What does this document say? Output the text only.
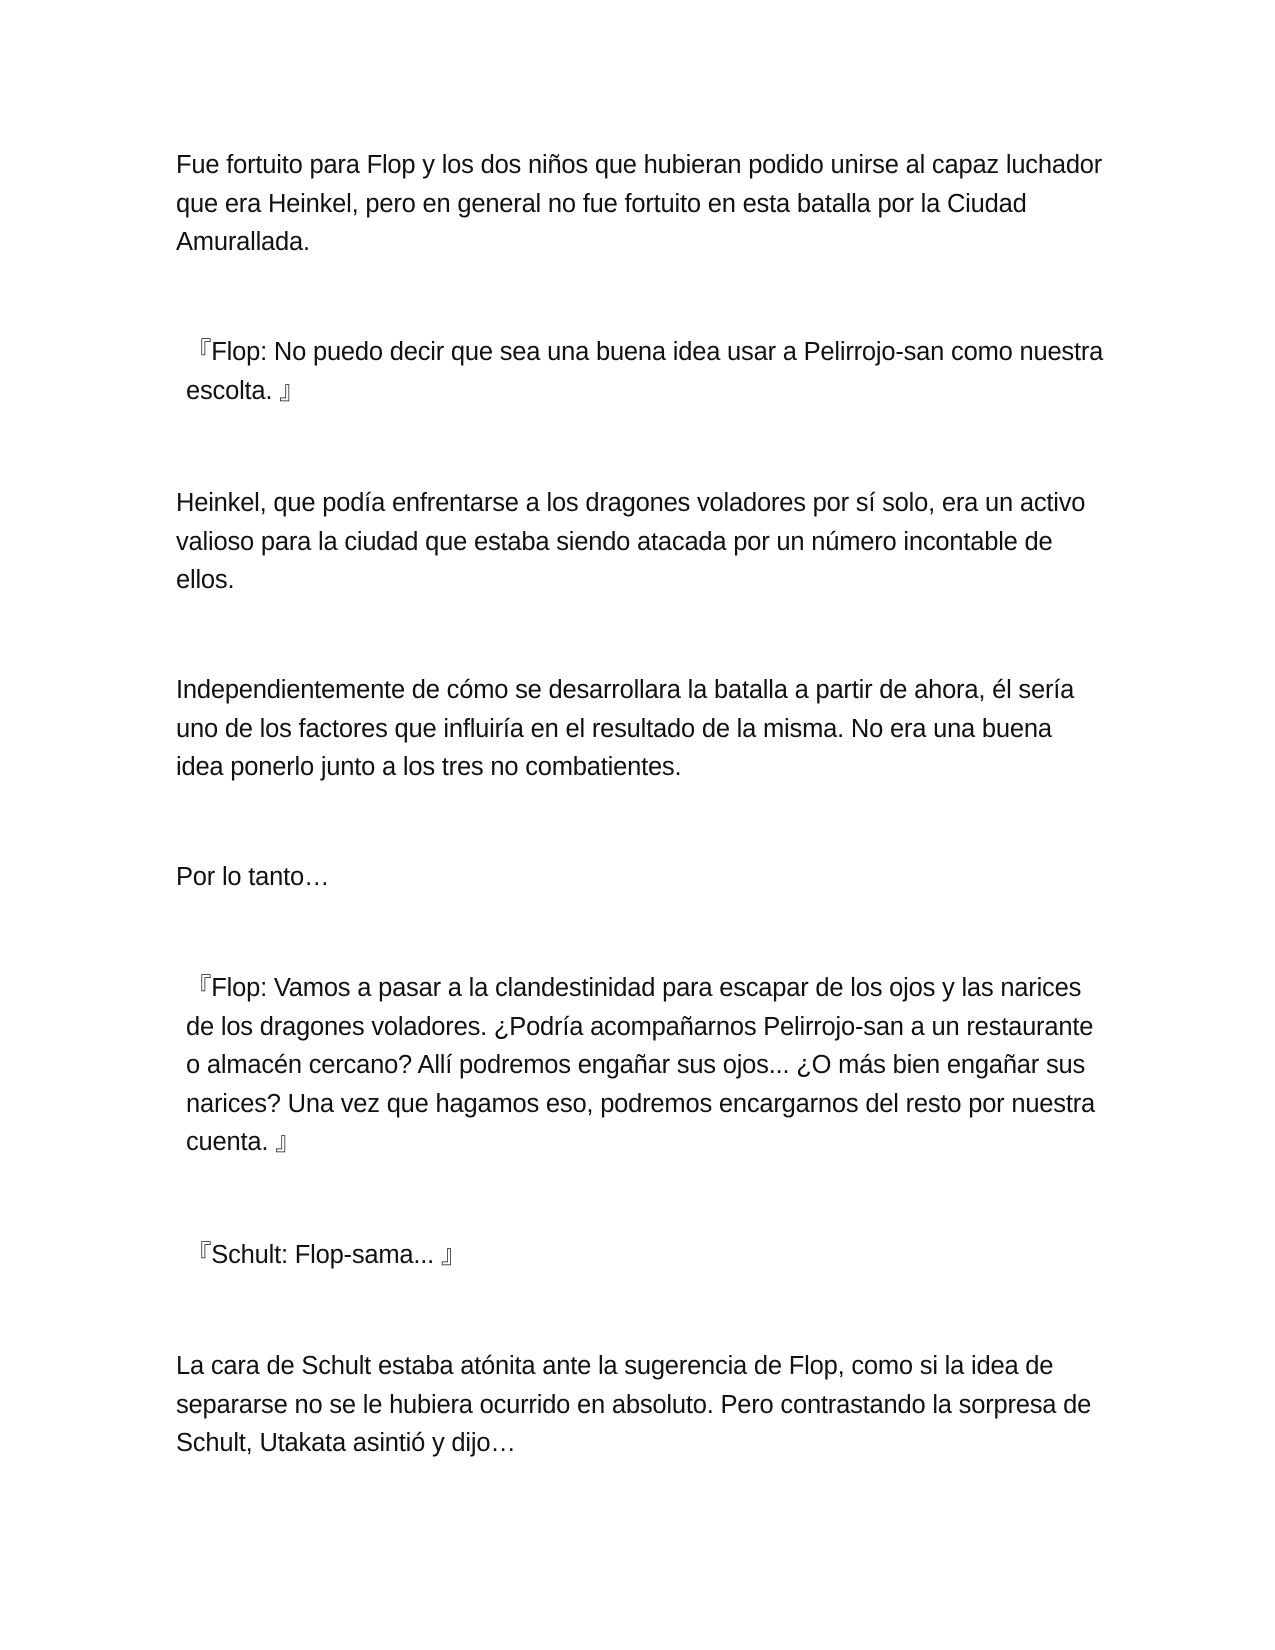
Fue fortuito para Flop y los dos niños que hubieran podido unirse al capaz luchador que era Heinkel, pero en general no fue fortuito en esta batalla por la Ciudad Amurallada.

『Flop: No puedo decir que sea una buena idea usar a Pelirrojo-san como nuestra escolta. 』

Heinkel, que podía enfrentarse a los dragones voladores por sí solo, era un activo valioso para la ciudad que estaba siendo atacada por un número incontable de ellos.

Independientemente de cómo se desarrollara la batalla a partir de ahora, él sería uno de los factores que influiría en el resultado de la misma. No era una buena idea ponerlo junto a los tres no combatientes.

Por lo tanto…

『Flop: Vamos a pasar a la clandestinidad para escapar de los ojos y las narices de los dragones voladores. ¿Podría acompañarnos Pelirrojo-san a un restaurante o almacén cercano? Allí podremos engañar sus ojos... ¿O más bien engañar sus narices? Una vez que hagamos eso, podremos encargarnos del resto por nuestra cuenta. 』

『Schult: Flop-sama... 』

La cara de Schult estaba atónita ante la sugerencia de Flop, como si la idea de separarse no se le hubiera ocurrido en absoluto. Pero contrastando la sorpresa de Schult, Utakata asintió y dijo…
